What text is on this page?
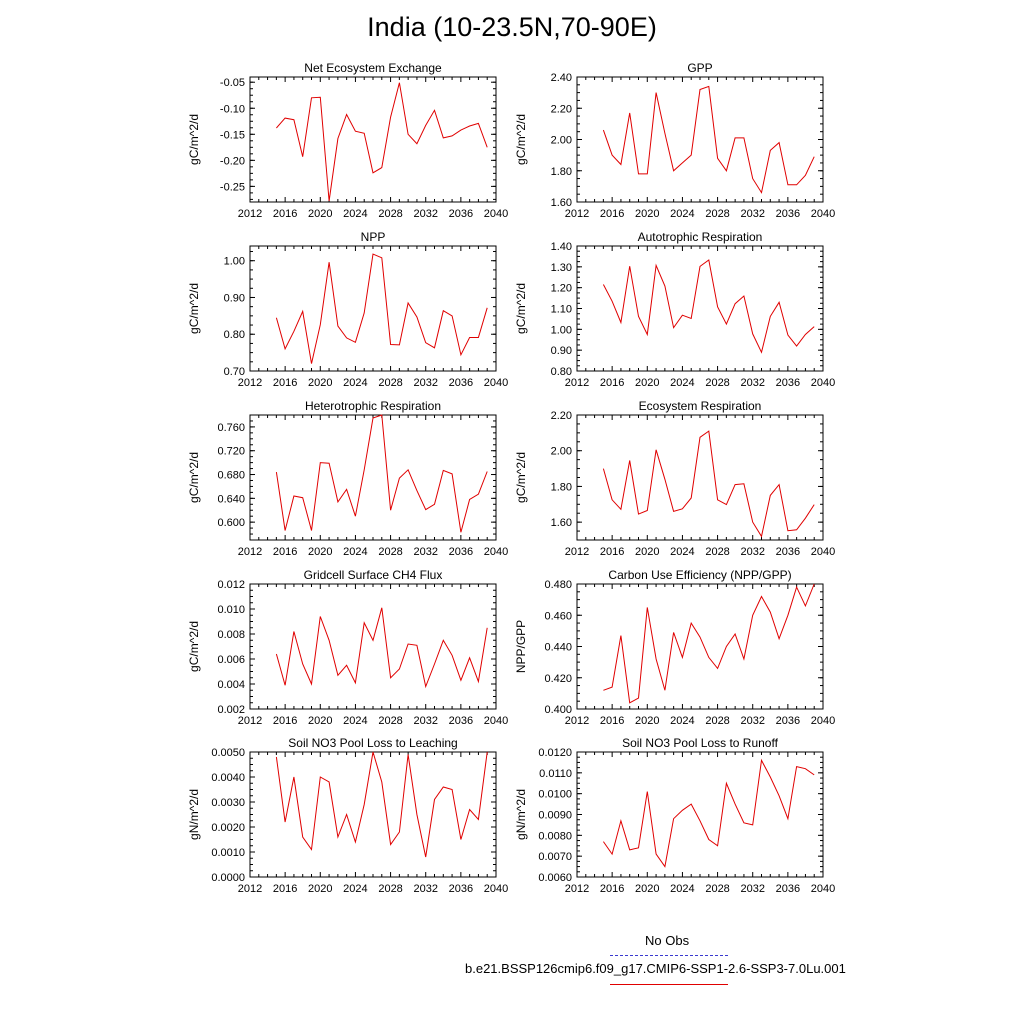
India (10-23.5N,70-90E)
Net Ecosystem Exchange
2012 2016 2020 2024 2028 2032 2036 2040
-0.05
-0.10
-0.15
-0.20
-0.25
gC/m^2/d
GPP
2012 2016 2020 2024 2028 2032 2036 2040
1.60
1.80
2.00
2.20
2.40
gC/m^2/d
NPP
2012 2016 2020 2024 2028 2032 2036 2040
0.70
0.80
0.90
1.00
gC/m^2/d
Autotrophic Respiration
2012 2016 2020 2024 2028 2032 2036 2040
0.80
0.90
1.00
1.10
1.20
1.30
1.40
gC/m^2/d
Heterotrophic Respiration
2012 2016 2020 2024 2028 2032 2036 2040
0.600
0.640
0.680
0.720
0.760
gC/m^2/d
Ecosystem Respiration
2012 2016 2020 2024 2028 2032 2036 2040
1.60
1.80
2.00
2.20
gC/m^2/d
Gridcell Surface CH4 Flux
2012 2016 2020 2024 2028 2032 2036 2040
0.002
0.004
0.006
0.008
0.010
0.012
gC/m^2/d
Carbon Use Efficiency (NPP/GPP)
2012 2016 2020 2024 2028 2032 2036 2040
0.400
0.420
0.440
0.460
0.480
NPP/GPP
Soil NO3 Pool Loss to Leaching
2012 2016 2020 2024 2028 2032 2036 2040
0.0000
0.0010
0.0020
0.0030
0.0040
0.0050
gN/m^2/d
Soil NO3 Pool Loss to Runoff
2012 2016 2020 2024 2028 2032 2036 2040
0.0060
0.0070
0.0080
0.0090
0.0100
0.0110
0.0120
gN/m^2/d
No Obs
b.e21.BSSP126cmip6.f09_g17.CMIP6-SSP1-2.6-SSP3-7.0Lu.001
